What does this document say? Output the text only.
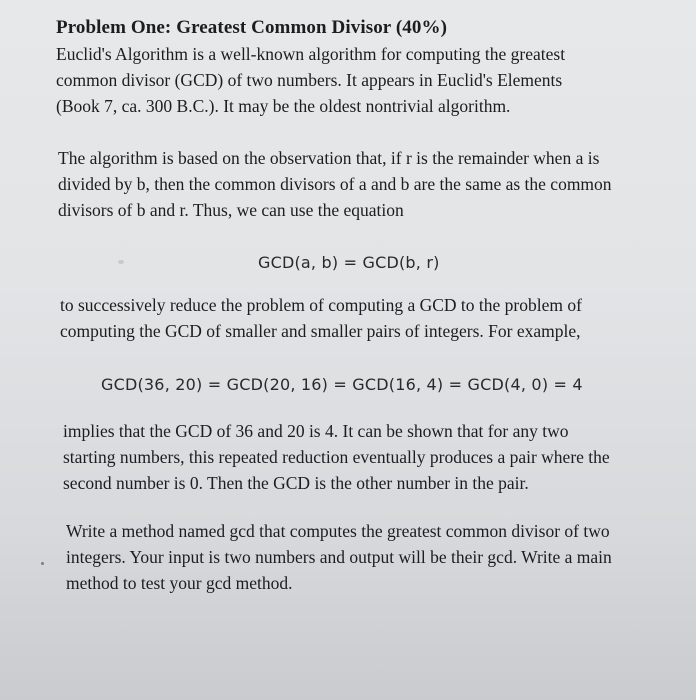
Problem One: Greatest Common Divisor (40%)
Euclid's Algorithm is a well-known algorithm for computing the greatest
common divisor (GCD) of two numbers. It appears in Euclid's Elements
(Book 7, ca. 300 B.C.). It may be the oldest nontrivial algorithm.
The algorithm is based on the observation that, if r is the remainder when a is
divided by b, then the common divisors of a and b are the same as the common
divisors of b and r. Thus, we can use the equation
GCD(a, b) = GCD(b, r)
to successively reduce the problem of computing a GCD to the problem of
computing the GCD of smaller and smaller pairs of integers. For example,
GCD(36, 20) = GCD(20, 16) = GCD(16, 4) = GCD(4, 0) = 4
implies that the GCD of 36 and 20 is 4. It can be shown that for any two
starting numbers, this repeated reduction eventually produces a pair where the
second number is 0. Then the GCD is the other number in the pair.
Write a method named gcd that computes the greatest common divisor of two
integers. Your input is two numbers and output will be their gcd. Write a main
method to test your gcd method.
